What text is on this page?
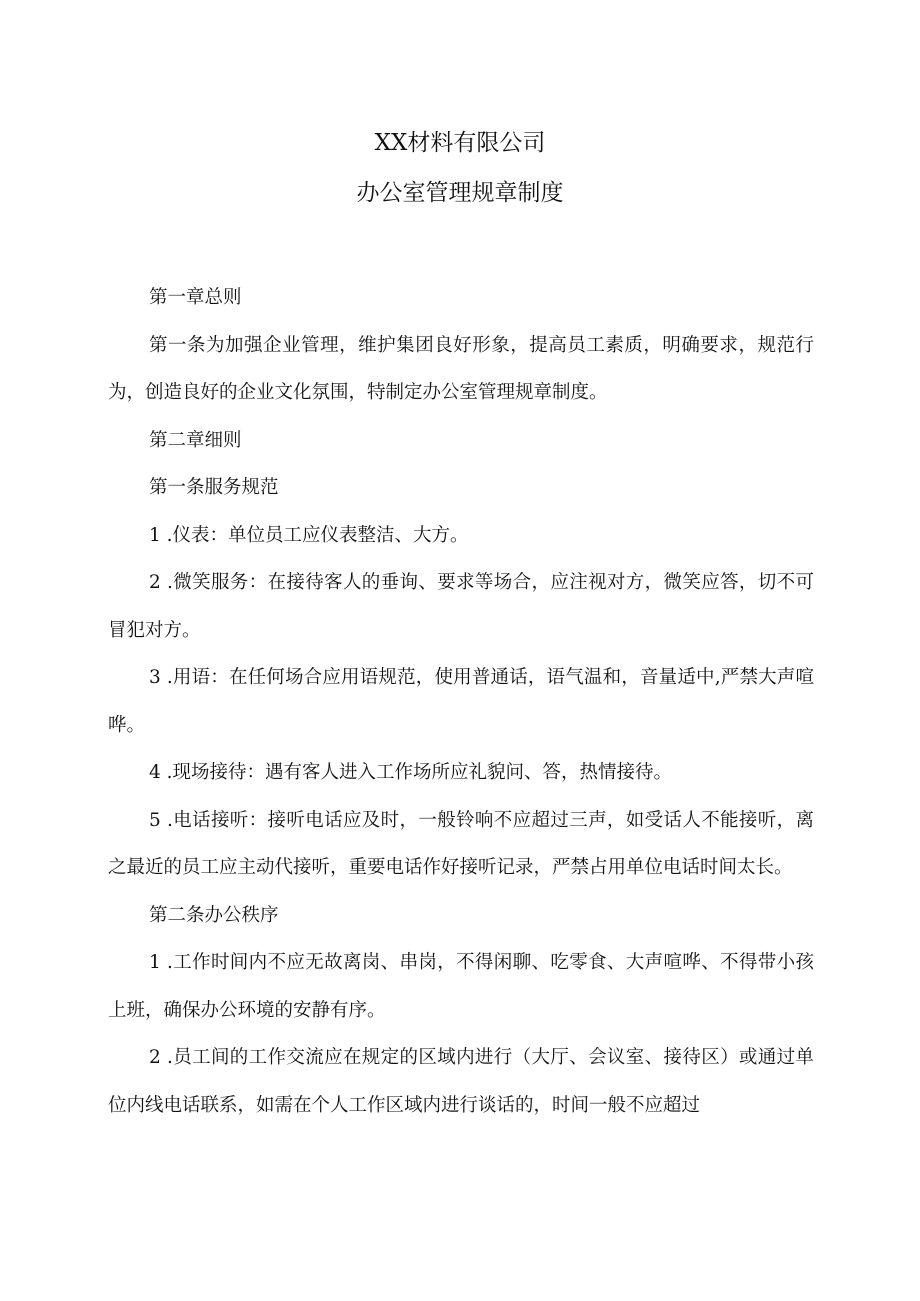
XX材料有限公司
办公室管理规章制度

第一章总则

第一条为加强企业管理，维护集团良好形象，提高员工素质，明确要求，规范行为，创造良好的企业文化氛围，特制定办公室管理规章制度。

第二章细则

第一条服务规范

1 .仪表：单位员工应仪表整洁、大方。

2 .微笑服务：在接待客人的垂询、要求等场合，应注视对方，微笑应答，切不可冒犯对方。

3 .用语：在任何场合应用语规范，使用普通话，语气温和，音量适中,严禁大声喧哗。

4 .现场接待：遇有客人进入工作场所应礼貌问、答，热情接待。

5 .电话接听：接听电话应及时，一般铃响不应超过三声，如受话人不能接听，离之最近的员工应主动代接听，重要电话作好接听记录，严禁占用单位电话时间太长。

第二条办公秩序

1 .工作时间内不应无故离岗、串岗，不得闲聊、吃零食、大声喧哗、不得带小孩上班，确保办公环境的安静有序。

2 .员工间的工作交流应在规定的区域内进行（大厅、会议室、接待区）或通过单位内线电话联系，如需在个人工作区域内进行谈话的，时间一般不应超过
